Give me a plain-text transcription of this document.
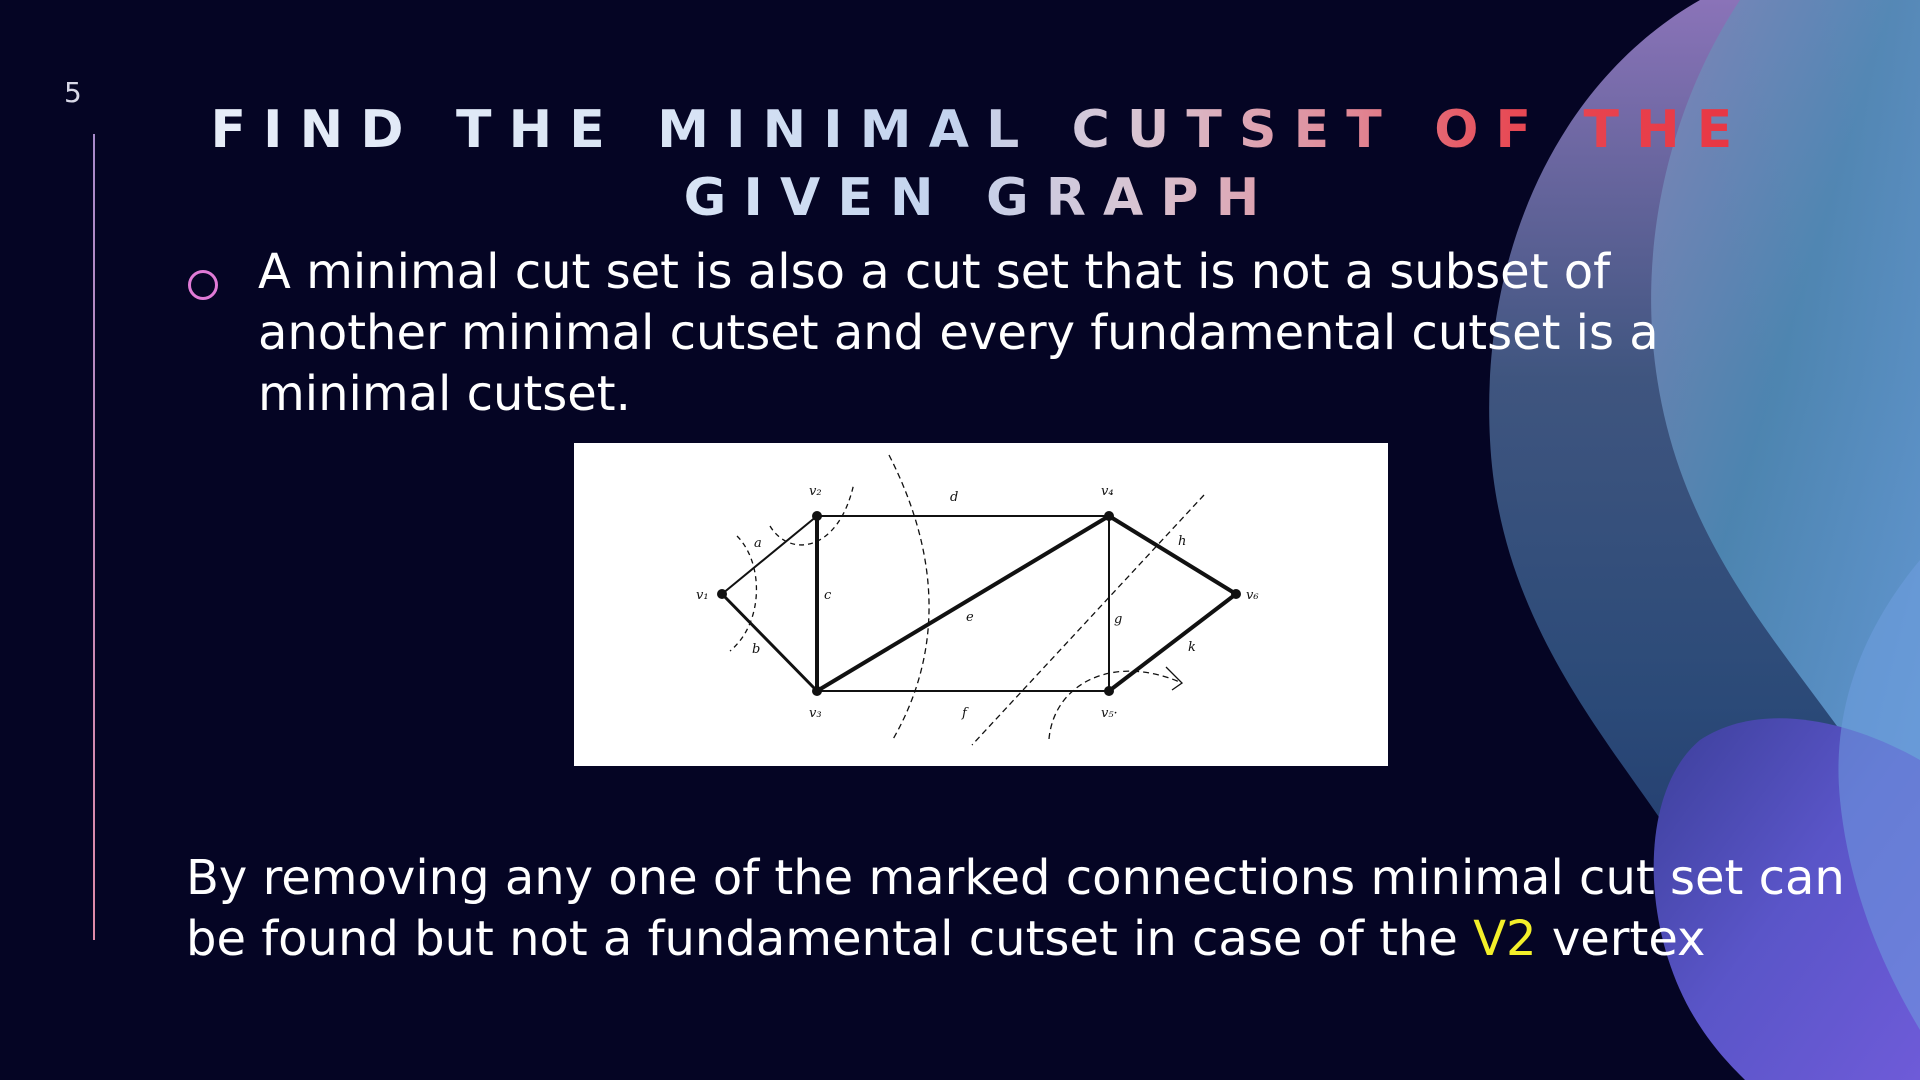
5
FIND THE MINIMAL CUTSET OF THE GIVEN GRAPH

A minimal cut set is also a cut set that is not a subset of another minimal cutset and every fundamental cutset is a minimal cutset.

v₁
v₂
v₃
v₄
v₅·
v₆
a
b
c
d
e
f
g
h
k

By removing any one of the marked connections minimal cut set can be found but not a fundamental cutset in case of the V2 vertex
